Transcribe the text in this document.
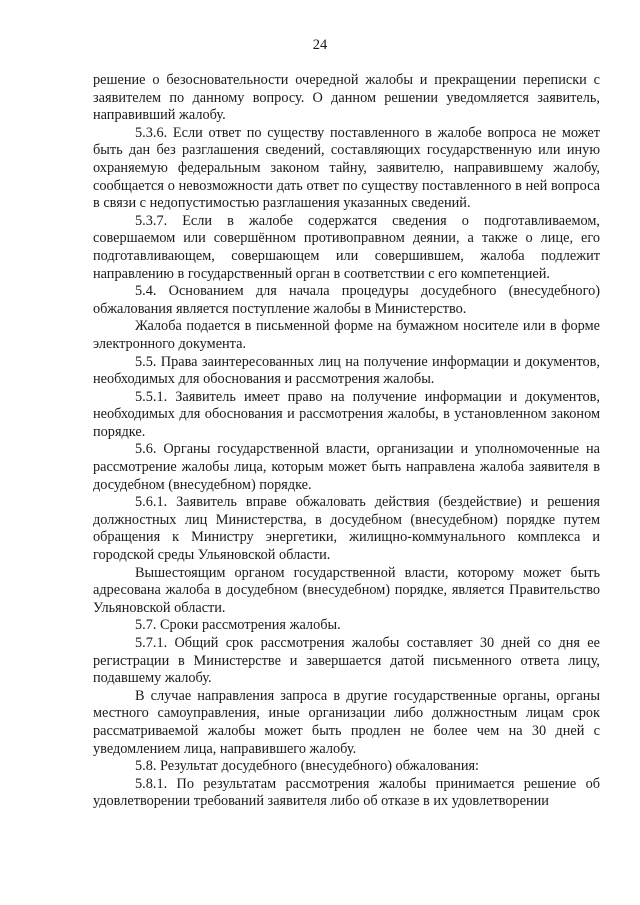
24

решение о безосновательности очередной жалобы и прекращении переписки с заявителем по данному вопросу. О данном решении уведомляется заявитель, направивший жалобу.

5.3.6. Если ответ по существу поставленного в жалобе вопроса не может быть дан без разглашения сведений, составляющих государственную или иную охраняемую федеральным законом тайну, заявителю, направившему жалобу, сообщается о невозможности дать ответ по существу поставленного в ней вопроса в связи с недопустимостью разглашения указанных сведений.

5.3.7. Если в жалобе содержатся сведения о подготавливаемом, совершаемом или совершённом противоправном деянии, а также о лице, его подготавливающем, совершающем или совершившем, жалоба подлежит направлению в государственный орган в соответствии с его компетенцией.

5.4. Основанием для начала процедуры досудебного (внесудебного) обжалования является поступление жалобы в Министерство.

Жалоба подается в письменной форме на бумажном носителе или в форме электронного документа.

5.5. Права заинтересованных лиц на получение информации и документов, необходимых для обоснования и рассмотрения жалобы.

5.5.1. Заявитель имеет право на получение информации и документов, необходимых для обоснования и рассмотрения жалобы, в установленном законом порядке.

5.6. Органы государственной власти, организации и уполномоченные на рассмотрение жалобы лица, которым может быть направлена жалоба заявителя в досудебном (внесудебном) порядке.

5.6.1. Заявитель вправе обжаловать действия (бездействие) и решения должностных лиц Министерства, в досудебном (внесудебном) порядке путем обращения к Министру энергетики, жилищно-коммунального комплекса и городской среды Ульяновской области.

Вышестоящим органом государственной власти, которому может быть адресована жалоба в досудебном (внесудебном) порядке, является Правительство Ульяновской области.

5.7. Сроки рассмотрения жалобы.

5.7.1. Общий срок рассмотрения жалобы составляет 30 дней со дня ее регистрации в Министерстве и завершается датой письменного ответа лицу, подавшему жалобу.

В случае направления запроса в другие государственные органы, органы местного самоуправления, иные организации либо должностным лицам срок рассматриваемой жалобы может быть продлен не более чем на 30 дней с уведомлением лица, направившего жалобу.

5.8. Результат досудебного (внесудебного) обжалования:

5.8.1. По результатам рассмотрения жалобы принимается решение об удовлетворении требований заявителя либо об отказе в их удовлетворении
